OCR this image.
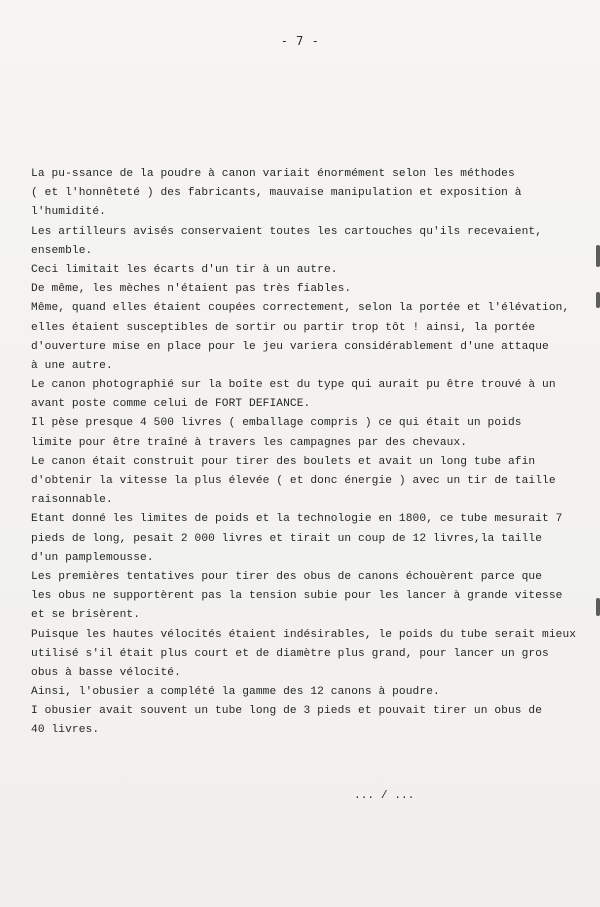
- 7 -
La pu-ssance de la poudre à canon variait énormément selon les méthodes
( et l'honnêteté ) des fabricants, mauvaise manipulation et exposition à
l'humidité.
Les artilleurs avisés conservaient toutes les cartouches qu'ils recevaient,
ensemble.
Ceci limitait les écarts d'un tir à un autre.
De même, les mèches n'étaient pas très fiables.
Même, quand elles étaient coupées correctement, selon la portée et l'élévation,
elles étaient susceptibles de sortir ou partir trop tôt ! ainsi, la portée
d'ouverture mise en place pour le jeu variera considérablement d'une attaque
à une autre.
Le canon photographié sur la boîte est du type qui aurait pu être trouvé à un
avant poste comme celui de FORT DEFIANCE.
Il pèse presque 4 500 livres ( emballage compris ) ce qui était un poids
limite pour être traîné à travers les campagnes par des chevaux.
Le canon était construit pour tirer des boulets et avait un long tube afin
d'obtenir la vitesse la plus élevée ( et donc énergie ) avec un tir de taille
raisonnable.
Etant donné les limites de poids et la technologie en 1800, ce tube mesurait 7
pieds de long, pesait 2 000 livres et tirait un coup de 12 livres,la taille
d'un pamplemousse.
Les premières tentatives pour tirer des obus de canons échouèrent parce que
les obus ne supportèrent pas la tension subie pour les lancer à grande vitesse
et se brisèrent.
Puisque les hautes vélocités étaient indésirables, le poids du tube serait mieux
utilisé s'il était plus court et de diamètre plus grand, pour lancer un gros
obus à basse vélocité.
Ainsi, l'obusier a complété la gamme des 12 canons à poudre.
I obusier avait souvent un tube long de 3 pieds et pouvait tirer un obus de
40 livres.
... / ...
